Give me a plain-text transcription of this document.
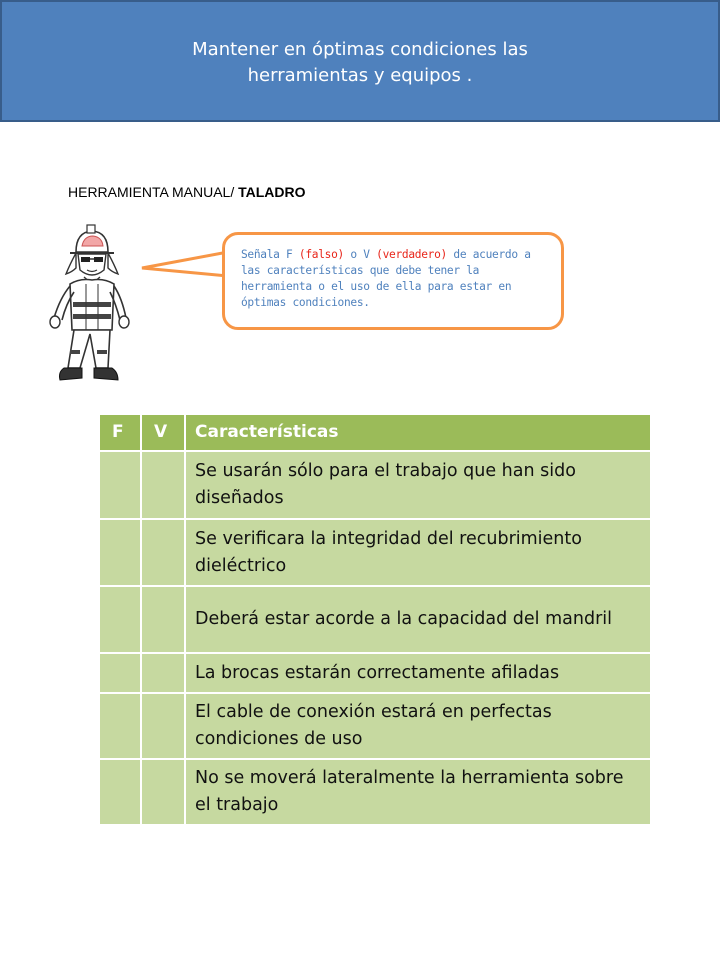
Mantener en óptimas condiciones las herramientas y equipos .
HERRAMIENTA MANUAL/ TALADRO
Señala F (falso) o V (verdadero) de acuerdo a las características que debe tener la herramienta o el uso de ella para estar en óptimas condiciones.
F	V	Características
		Se usarán sólo para el trabajo que han sido diseñados
		Se verificara la integridad del recubrimiento dieléctrico
		Deberá estar acorde a la capacidad del mandril
		La brocas estarán correctamente afiladas
		El cable de conexión estará en perfectas condiciones de uso
		No se moverá lateralmente la herramienta sobre el trabajo
